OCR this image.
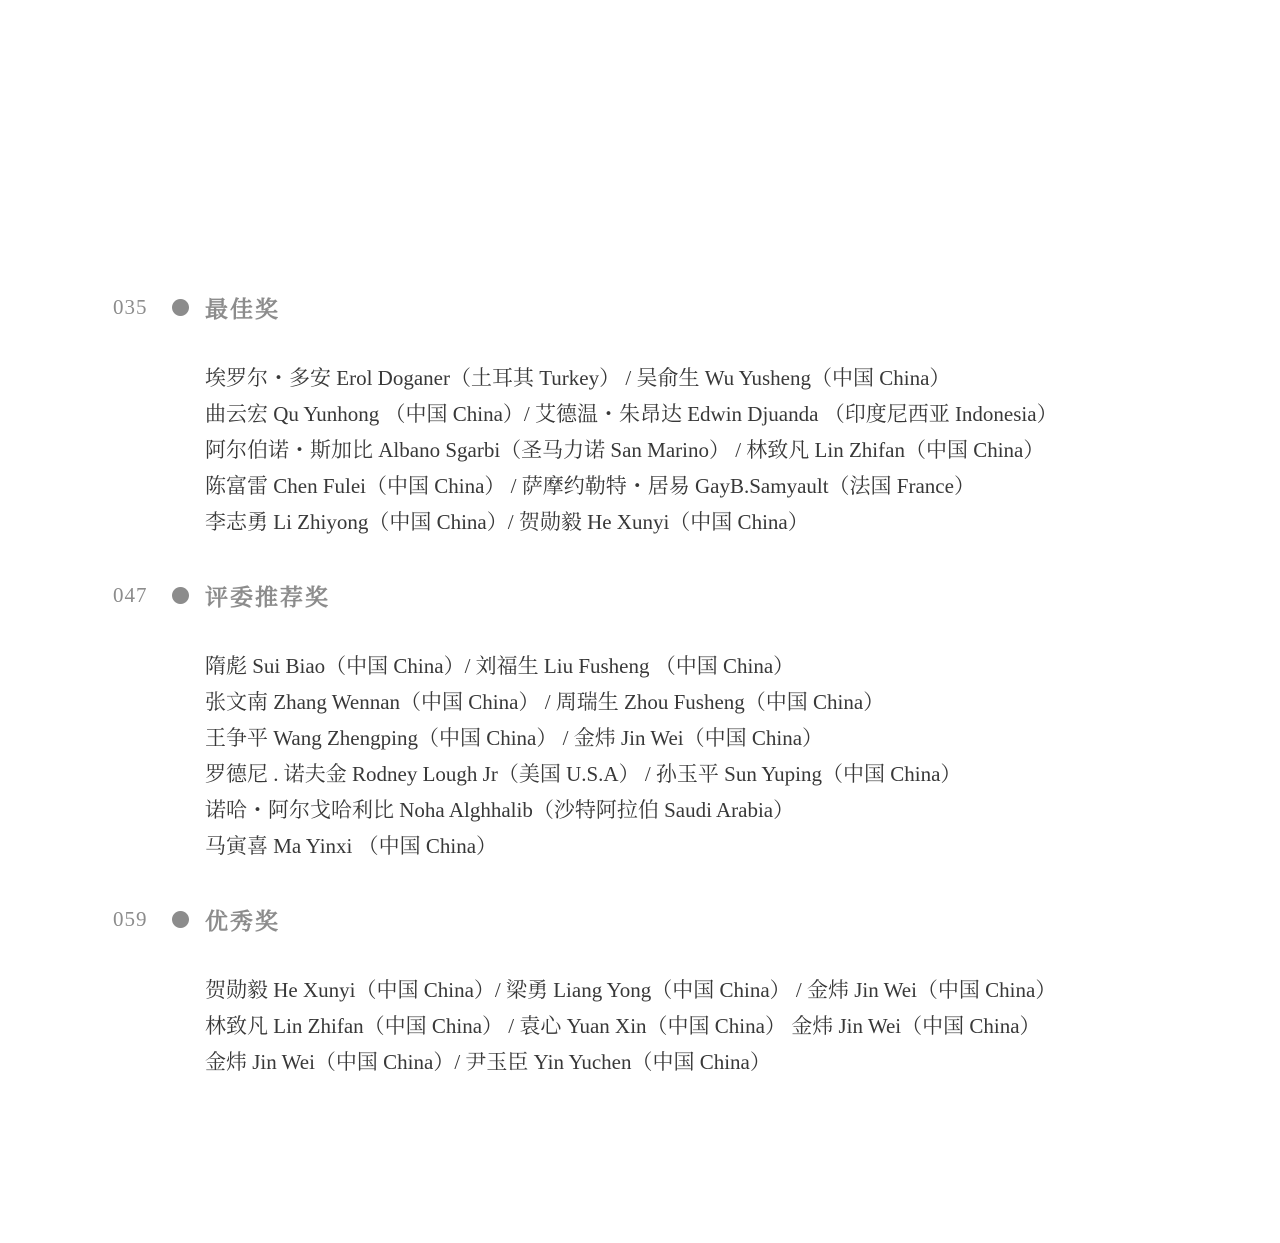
035	最佳奖
埃罗尔・多安 Erol Doganer（土耳其 Turkey） / 吴俞生 Wu Yusheng（中国 China）
曲云宏 Qu Yunhong （中国 China）/ 艾德温・朱昂达 Edwin Djuanda （印度尼西亚 Indonesia）
阿尔伯诺・斯加比 Albano Sgarbi（圣马力诺 San Marino） / 林致凡 Lin Zhifan（中国 China）
陈富雷 Chen Fulei（中国 China） / 萨摩约勒特・居易 GayB.Samyault（法国 France）
李志勇 Li Zhiyong（中国 China）/ 贺勋毅 He Xunyi（中国 China）
047	评委推荐奖
隋彪 Sui Biao（中国 China）/ 刘福生 Liu Fusheng （中国 China）
张文南 Zhang Wennan（中国 China） / 周瑞生 Zhou Fusheng（中国 China）
王争平 Wang Zhengping（中国 China） / 金炜 Jin Wei（中国 China）
罗德尼 . 诺夫金 Rodney Lough Jr（美国 U.S.A） / 孙玉平 Sun Yuping（中国 China）
诺哈・阿尔戈哈利比 Noha Alghhalib（沙特阿拉伯 Saudi Arabia）
马寅喜 Ma Yinxi （中国 China）
059	优秀奖
贺勋毅 He Xunyi（中国 China）/ 梁勇 Liang Yong（中国 China） / 金炜 Jin Wei（中国 China）
林致凡 Lin Zhifan（中国 China） / 袁心 Yuan Xin（中国 China） 金炜 Jin Wei（中国 China）
金炜 Jin Wei（中国 China）/ 尹玉臣 Yin Yuchen（中国 China）
